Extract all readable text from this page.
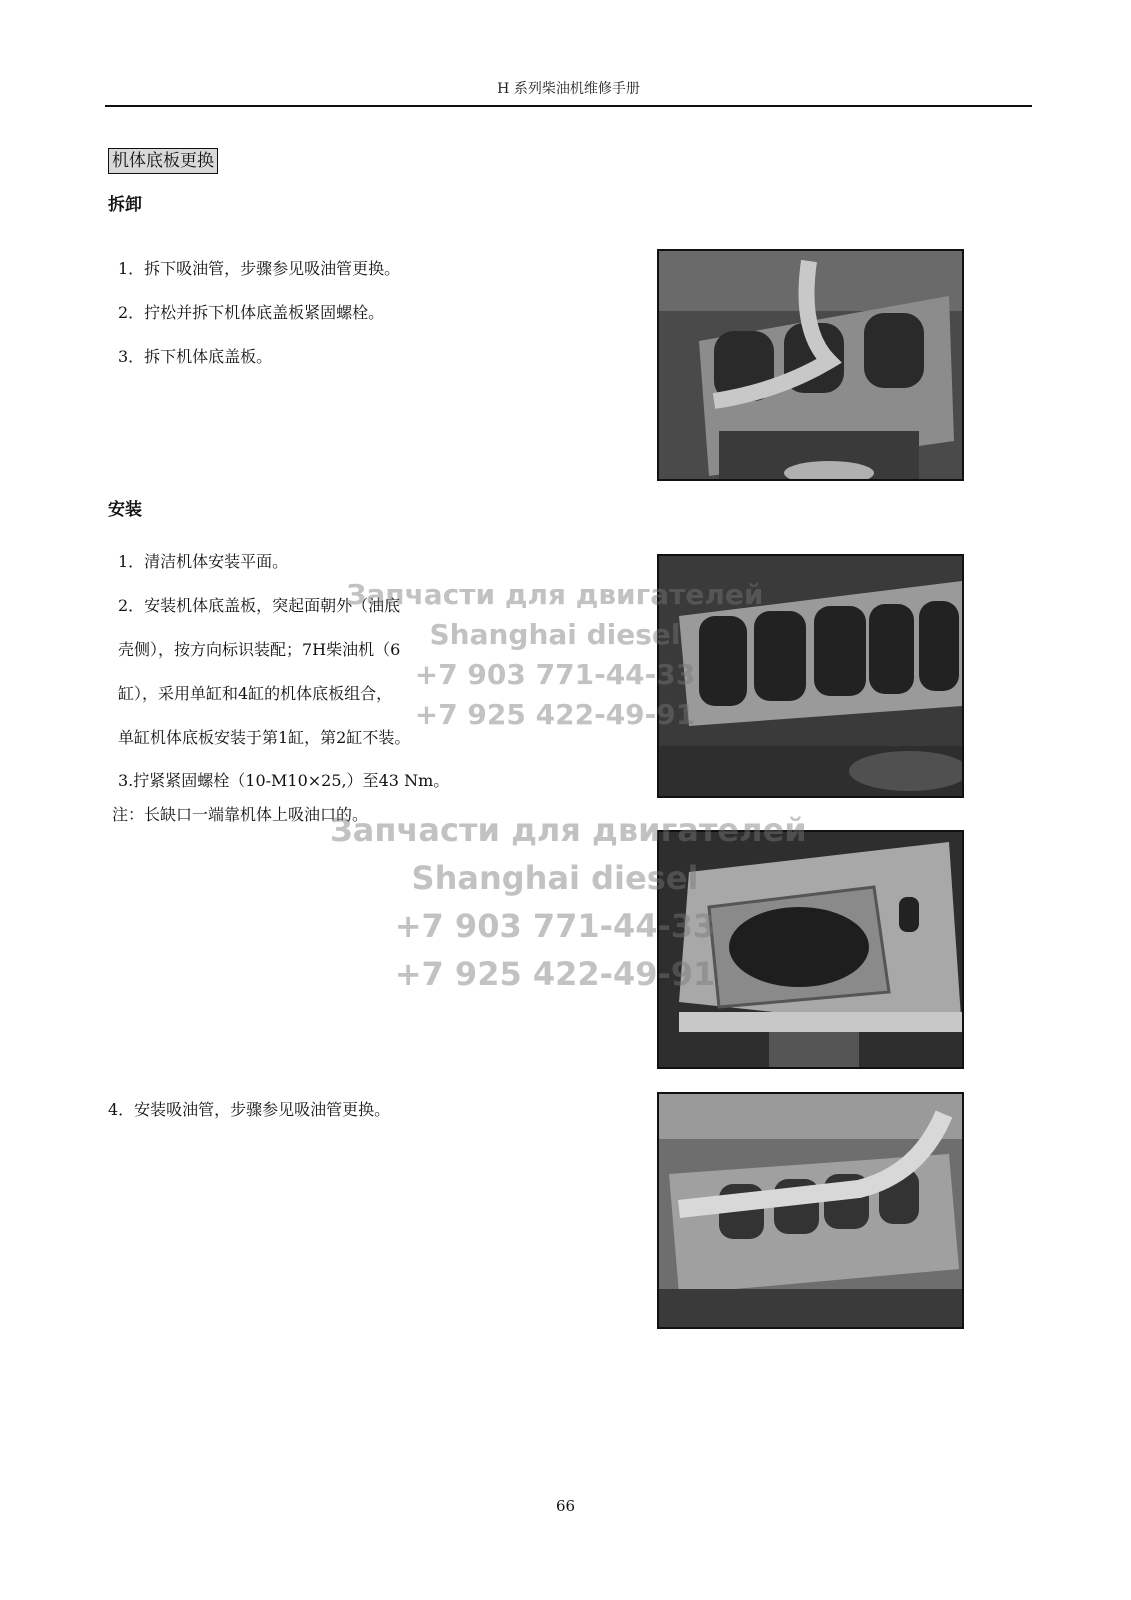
H 系列柴油机维修手册
机体底板更换
拆卸
1．拆下吸油管，步骤参见吸油管更换。
2．拧松并拆下机体底盖板紧固螺栓。
3．拆下机体底盖板。
安装
1．清洁机体安装平面。
2．安装机体底盖板，突起面朝外（油底
壳侧），按方向标识装配；7H柴油机（6
缸），采用单缸和4缸的机体底板组合，
单缸机体底板安装于第1缸，第2缸不装。
3.拧紧紧固螺栓（10-M10×25,）至43 Nm。
注：长缺口一端靠机体上吸油口的。
4．安装吸油管，步骤参见吸油管更换。
Запчасти для двигателей
Shanghai diesel
+7 903 771-44-33
+7 925 422-49-91
Запчасти для двигателей
Shanghai diesel
+7 903 771-44-33
+7 925 422-49-91
66
